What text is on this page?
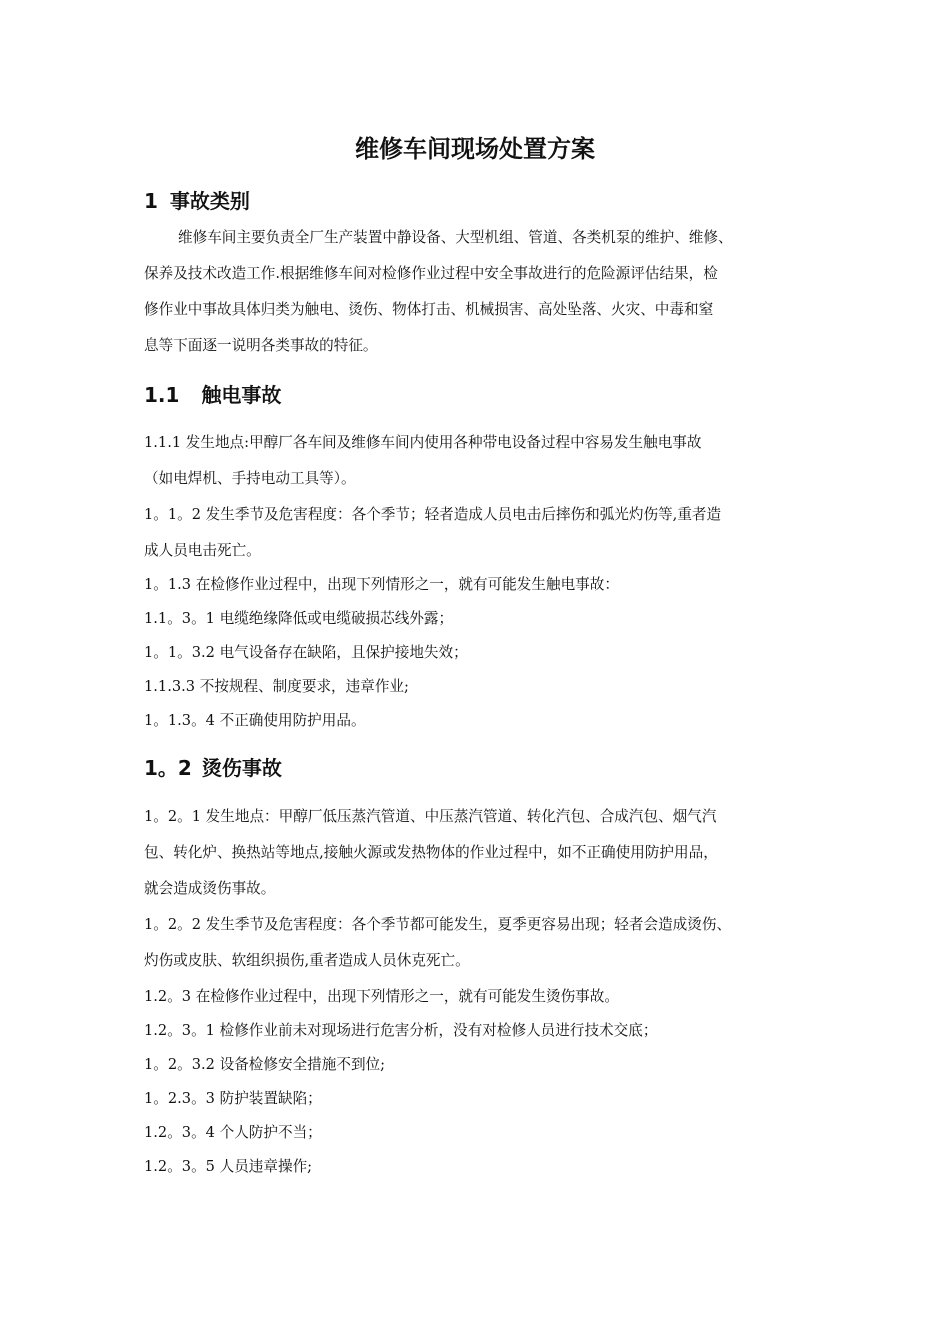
维修车间现场处置方案
1 事故类别
维修车间主要负责全厂生产装置中静设备、大型机组、管道、各类机泵的维护、维修、
保养及技术改造工作.根据维修车间对检修作业过程中安全事故进行的危险源评估结果，检
修作业中事故具体归类为触电、烫伤、物体打击、机械损害、高处坠落、火灾、中毒和窒
息等下面逐一说明各类事故的特征。
1.1 触电事故
1.1.1 发生地点:甲醇厂各车间及维修车间内使用各种带电设备过程中容易发生触电事故
（如电焊机、手持电动工具等）。
1。1。2 发生季节及危害程度：各个季节；轻者造成人员电击后摔伤和弧光灼伤等,重者造
成人员电击死亡。
1。1.3 在检修作业过程中，出现下列情形之一，就有可能发生触电事故：
1.1。3。1 电缆绝缘降低或电缆破损芯线外露；
1。1。3.2 电气设备存在缺陷，且保护接地失效；
1.1.3.3 不按规程、制度要求，违章作业;
1。1.3。4 不正确使用防护用品。
1。2 烫伤事故
1。2。1 发生地点：甲醇厂低压蒸汽管道、中压蒸汽管道、转化汽包、合成汽包、烟气汽
包、转化炉、换热站等地点,接触火源或发热物体的作业过程中，如不正确使用防护用品，
就会造成烫伤事故。
1。2。2 发生季节及危害程度：各个季节都可能发生，夏季更容易出现；轻者会造成烫伤、
灼伤或皮肤、软组织损伤,重者造成人员休克死亡。
1.2。3 在检修作业过程中，出现下列情形之一，就有可能发生烫伤事故。
1.2。3。1 检修作业前未对现场进行危害分析，没有对检修人员进行技术交底；
1。2。3.2 设备检修安全措施不到位;
1。2.3。3 防护装置缺陷；
1.2。3。4 个人防护不当；
1.2。3。5 人员违章操作;
